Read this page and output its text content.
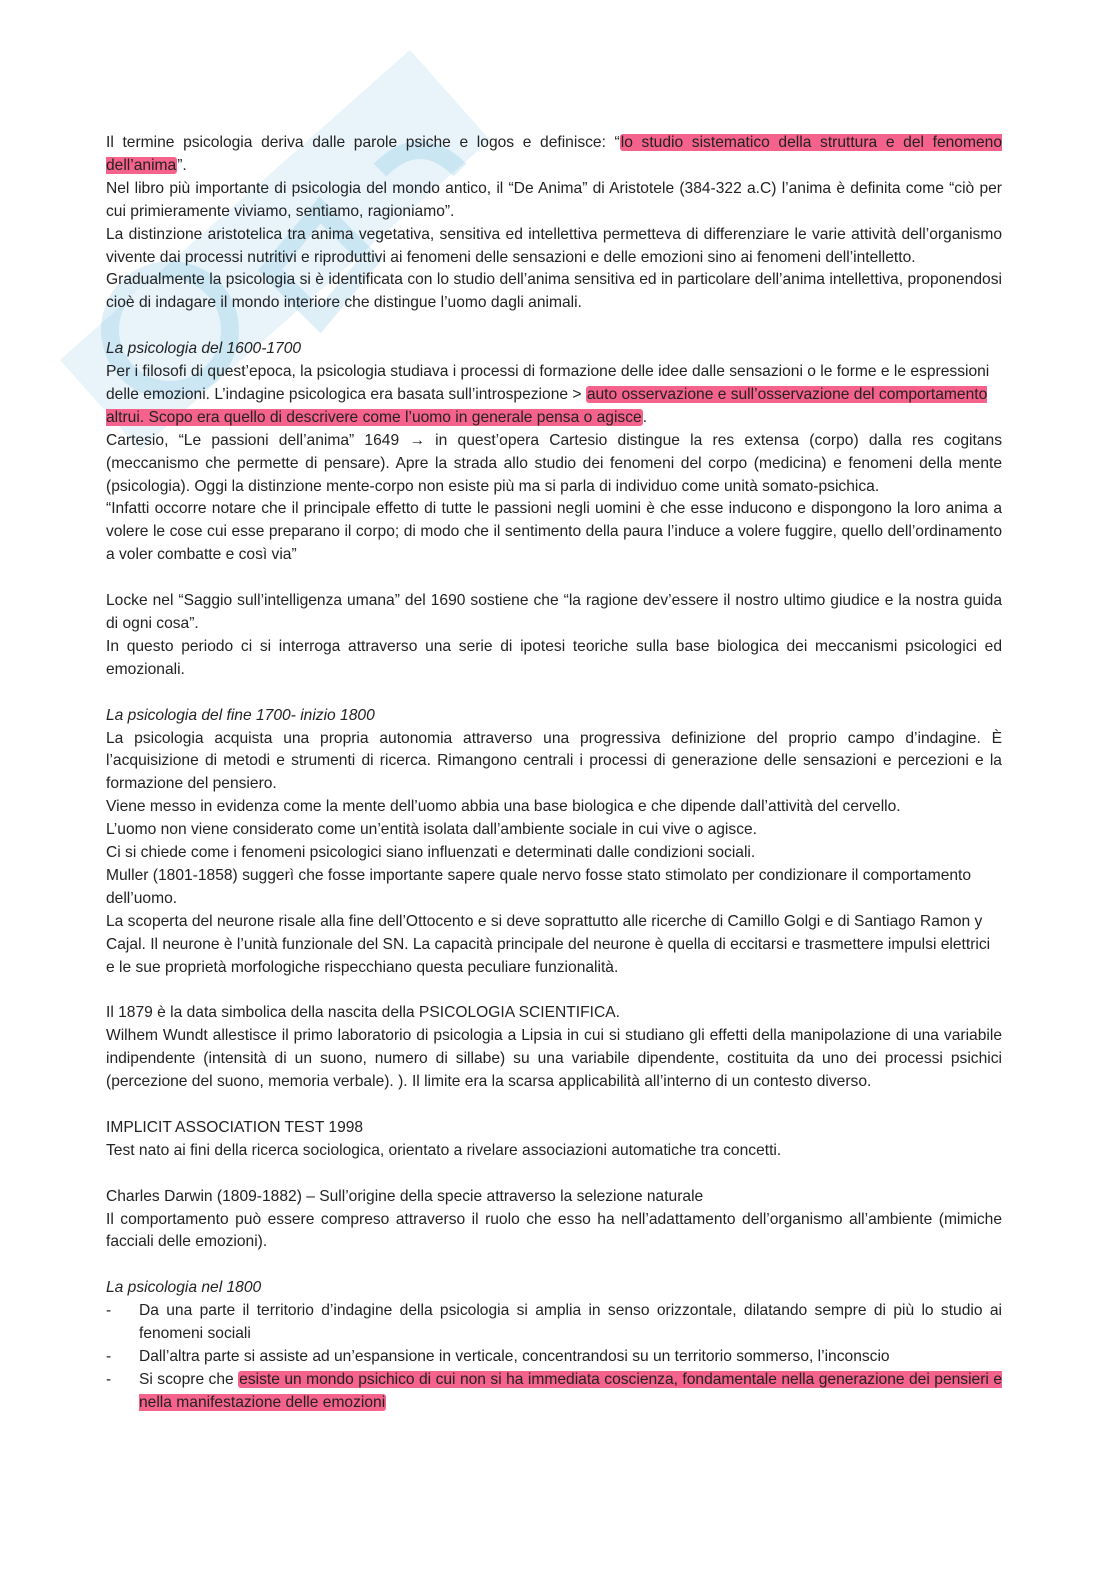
Il termine psicologia deriva dalle parole psiche e logos e definisce: “lo studio sistematico della struttura e del fenomeno dell’anima”.

Nel libro più importante di psicologia del mondo antico, il “De Anima” di Aristotele (384-322 a.C) l’anima è definita come “ciò per cui primieramente viviamo, sentiamo, ragioniamo”.

La distinzione aristotelica tra anima vegetativa, sensitiva ed intellettiva permetteva di differenziare le varie attività dell’organismo vivente dai processi nutritivi e riproduttivi ai fenomeni delle sensazioni e delle emozioni sino ai fenomeni dell’intelletto.

Gradualmente la psicologia si è identificata con lo studio dell’anima sensitiva ed in particolare dell’anima intellettiva, proponendosi cioè di indagare il mondo interiore che distingue l’uomo dagli animali.

La psicologia del 1600-1700

Per i filosofi di quest’epoca, la psicologia studiava i processi di formazione delle idee dalle sensazioni o le forme e le espressioni delle emozioni. L’indagine psicologica era basata sull’introspezione > auto osservazione e sull’osservazione del comportamento altrui. Scopo era quello di descrivere come l’uomo in generale pensa o agisce.

Cartesio, “Le passioni dell’anima” 1649 → in quest’opera Cartesio distingue la res extensa (corpo) dalla res cogitans (meccanismo che permette di pensare). Apre la strada allo studio dei fenomeni del corpo (medicina) e fenomeni della mente (psicologia). Oggi la distinzione mente-corpo non esiste più ma si parla di individuo come unità somato-psichica.

“Infatti occorre notare che il principale effetto di tutte le passioni negli uomini è che esse inducono e dispongono la loro anima a volere le cose cui esse preparano il corpo; di modo che il sentimento della paura l’induce a volere fuggire, quello dell’ordinamento a voler combatte e così via”

Locke nel “Saggio sull’intelligenza umana” del 1690 sostiene che “la ragione dev’essere il nostro ultimo giudice e la nostra guida di ogni cosa”.

In questo periodo ci si interroga attraverso una serie di ipotesi teoriche sulla base biologica dei meccanismi psicologici ed emozionali.

La psicologia del fine 1700- inizio 1800

La psicologia acquista una propria autonomia attraverso una progressiva definizione del proprio campo d’indagine. È l’acquisizione di metodi e strumenti di ricerca. Rimangono centrali i processi di generazione delle sensazioni e percezioni e la formazione del pensiero.

Viene messo in evidenza come la mente dell’uomo abbia una base biologica e che dipende dall’attività del cervello.

L’uomo non viene considerato come un’entità isolata dall’ambiente sociale in cui vive o agisce.

Ci si chiede come i fenomeni psicologici siano influenzati e determinati dalle condizioni sociali.

Muller (1801-1858) suggerì che fosse importante sapere quale nervo fosse stato stimolato per condizionare il comportamento dell’uomo.

La scoperta del neurone risale alla fine dell’Ottocento e si deve soprattutto alle ricerche di Camillo Golgi e di Santiago Ramon y Cajal. Il neurone è l’unità funzionale del SN. La capacità principale del neurone è quella di eccitarsi e trasmettere impulsi elettrici e le sue proprietà morfologiche rispecchiano questa peculiare funzionalità.

Il 1879 è la data simbolica della nascita della PSICOLOGIA SCIENTIFICA.

Wilhem Wundt allestisce il primo laboratorio di psicologia a Lipsia in cui si studiano gli effetti della manipolazione di una variabile indipendente (intensità di un suono, numero di sillabe) su una variabile dipendente, costituita da uno dei processi psichici (percezione del suono, memoria verbale). ). Il limite era la scarsa applicabilità all’interno di un contesto diverso.

IMPLICIT ASSOCIATION TEST 1998

Test nato ai fini della ricerca sociologica, orientato a rivelare associazioni automatiche tra concetti.

Charles Darwin (1809-1882) – Sull’origine della specie attraverso la selezione naturale

Il comportamento può essere compreso attraverso il ruolo che esso ha nell’adattamento dell’organismo all’ambiente (mimiche facciali delle emozioni).

La psicologia nel 1800

- Da una parte il territorio d’indagine della psicologia si amplia in senso orizzontale, dilatando sempre di più lo studio ai fenomeni sociali
- Dall’altra parte si assiste ad un’espansione in verticale, concentrandosi su un territorio sommerso, l’inconscio
- Si scopre che esiste un mondo psichico di cui non si ha immediata coscienza, fondamentale nella generazione dei pensieri e nella manifestazione delle emozioni
